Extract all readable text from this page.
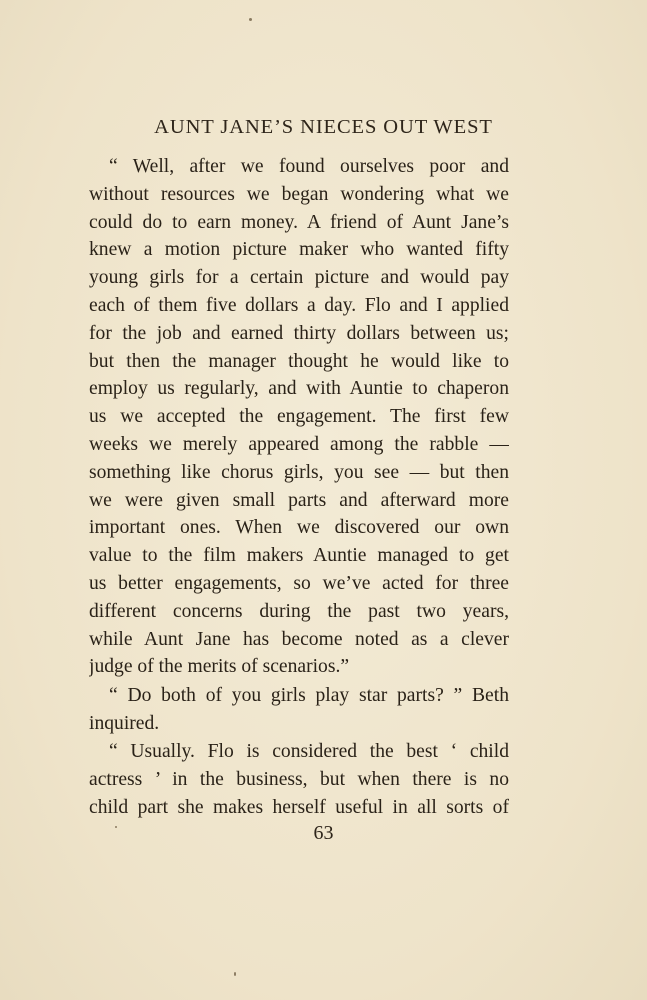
AUNT JANE’S NIECES OUT WEST
“ Well, after we found ourselves poor and
without resources we began wondering what we
could do to earn money. A friend of Aunt Jane’s
knew a motion picture maker who wanted fifty
young girls for a certain picture and would pay
each of them five dollars a day. Flo and I applied
for the job and earned thirty dollars between us;
but then the manager thought he would like to
employ us regularly, and with Auntie to chaperon
us we accepted the engagement. The first few
weeks we merely appeared among the rabble —
something like chorus girls, you see — but then
we were given small parts and afterward more
important ones. When we discovered our own
value to the film makers Auntie managed to get
us better engagements, so we’ve acted for three
different concerns during the past two years,
while Aunt Jane has become noted as a clever
judge of the merits of scenarios.”
“ Do both of you girls play star parts? ” Beth
inquired.
“ Usually. Flo is considered the best ‘ child
actress ’ in the business, but when there is no
child part she makes herself useful in all sorts of
63
